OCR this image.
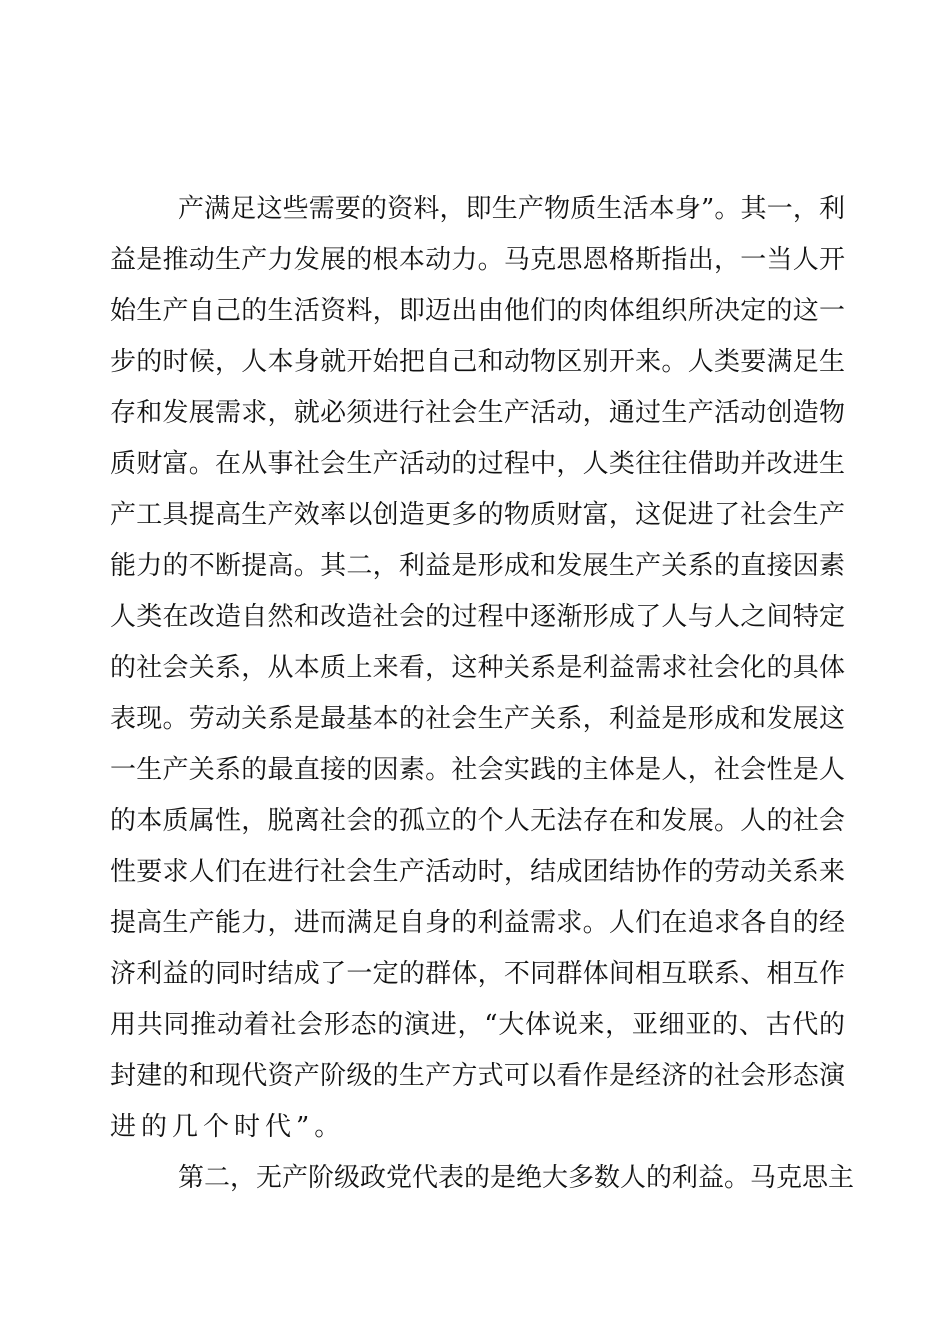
产满足这些需要的资料，即生产物质生活本身”。其一，利
益是推动生产力发展的根本动力。马克思恩格斯指出，一当人开
始生产自己的生活资料，即迈出由他们的肉体组织所决定的这一
步的时候，人本身就开始把自己和动物区别开来。人类要满足生
存和发展需求，就必须进行社会生产活动，通过生产活动创造物
质财富。在从事社会生产活动的过程中，人类往往借助并改进生
产工具提高生产效率以创造更多的物质财富，这促进了社会生产
能力的不断提高。其二，利益是形成和发展生产关系的直接因素
人类在改造自然和改造社会的过程中逐渐形成了人与人之间特定
的社会关系，从本质上来看，这种关系是利益需求社会化的具体
表现。劳动关系是最基本的社会生产关系，利益是形成和发展这
一生产关系的最直接的因素。社会实践的主体是人，社会性是人
的本质属性，脱离社会的孤立的个人无法存在和发展。人的社会
性要求人们在进行社会生产活动时，结成团结协作的劳动关系来
提高生产能力，进而满足自身的利益需求。人们在追求各自的经
济利益的同时结成了一定的群体，不同群体间相互联系、相互作
用共同推动着社会形态的演进，“大体说来，亚细亚的、古代的
封建的和现代资产阶级的生产方式可以看作是经济的社会形态演
进的几个时代”。
第二，无产阶级政党代表的是绝大多数人的利益。马克思主
